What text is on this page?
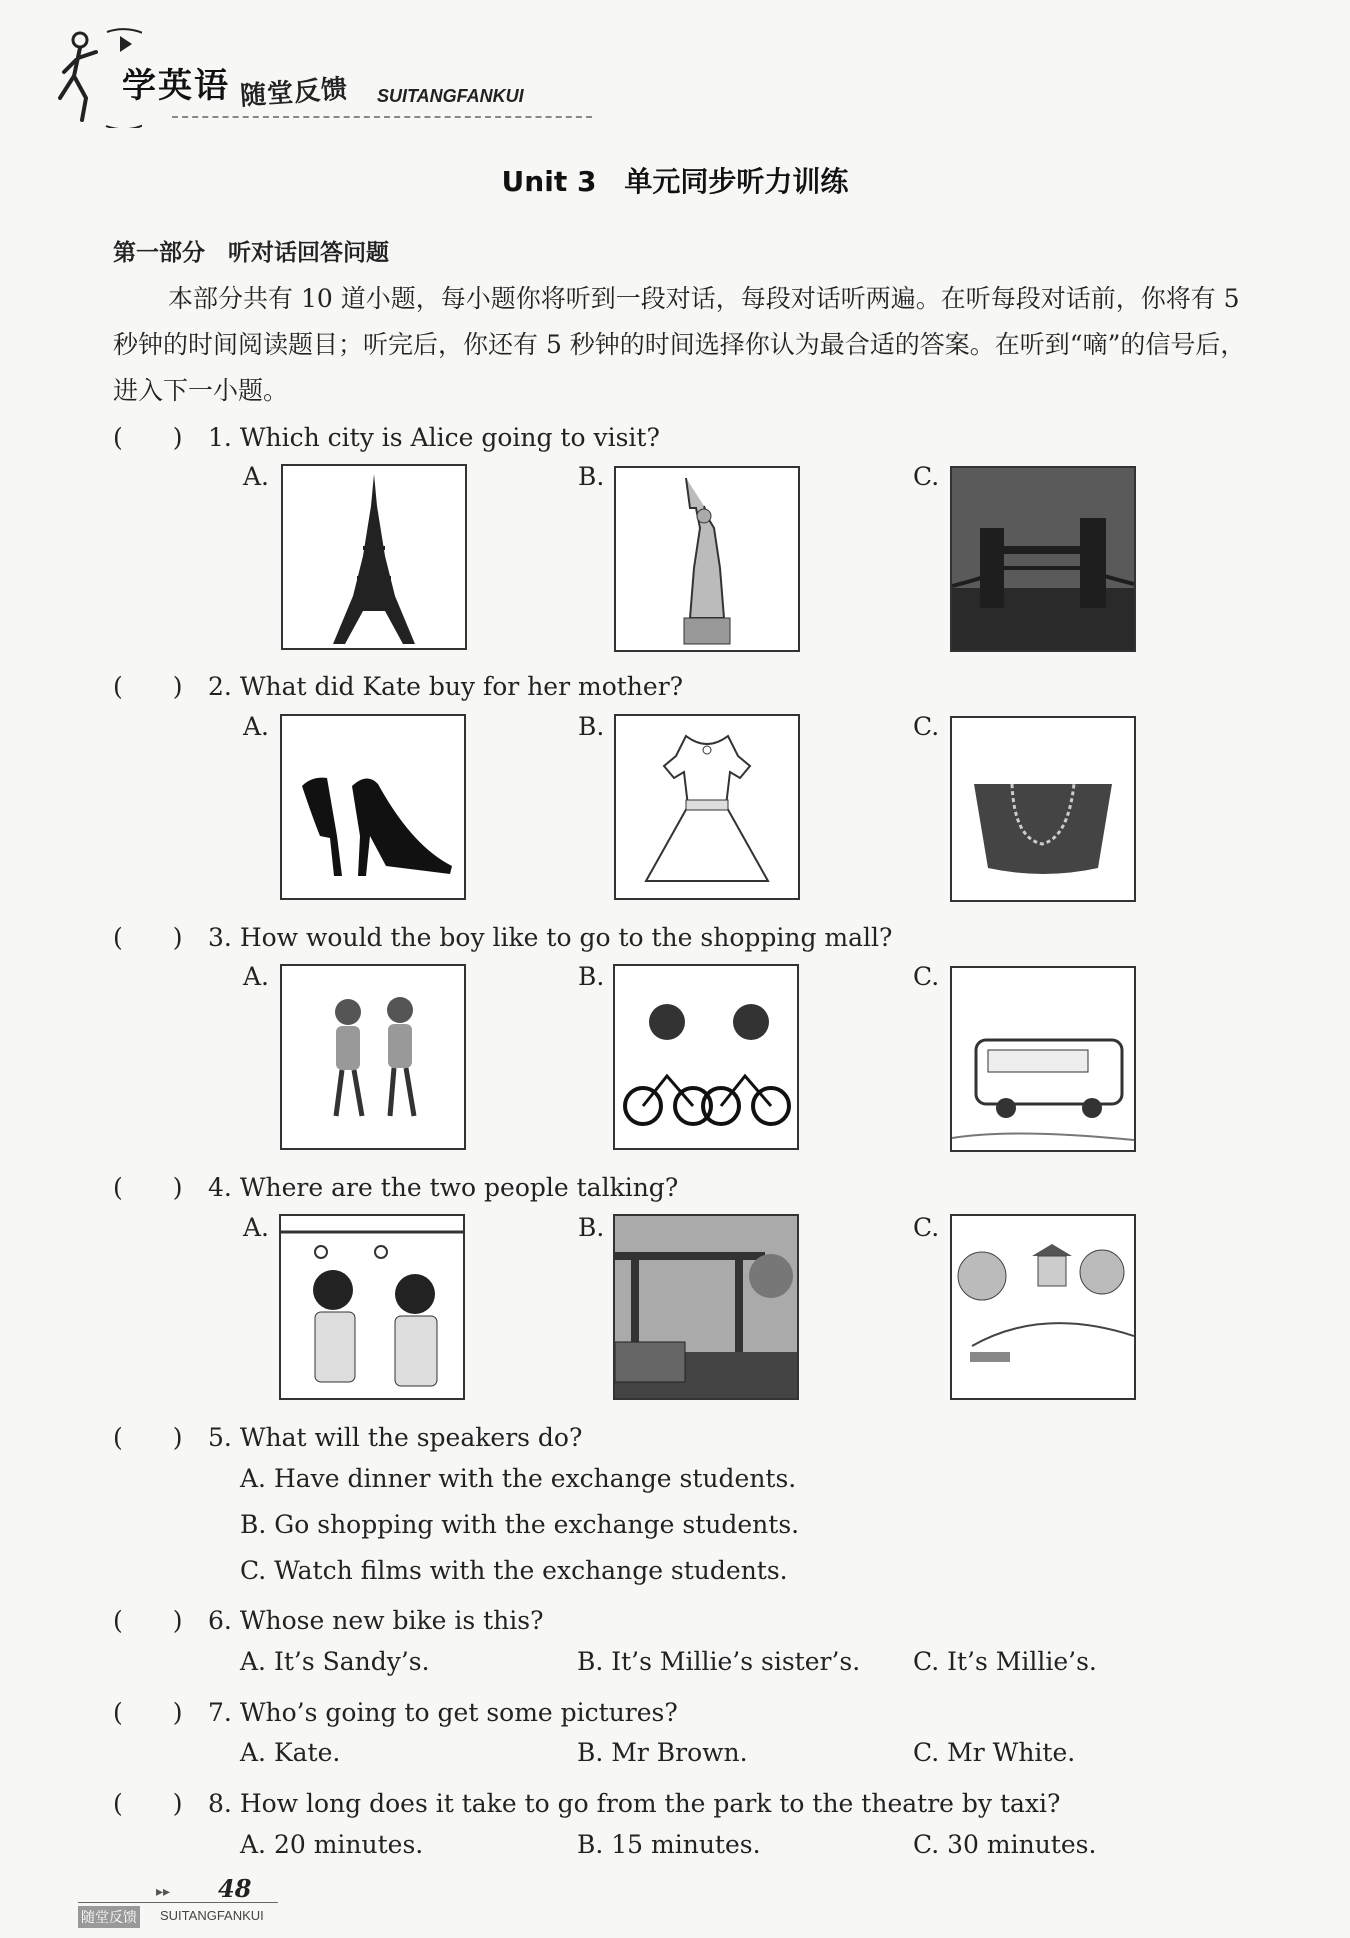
学英语 随堂反馈 SUITANGFANKUI
Unit 3　单元同步听力训练
第一部分　听对话回答问题

本部分共有 10 道小题，每小题你将听到一段对话，每段对话听两遍。在听每段对话前，你将有 5 秒钟的时间阅读题目；听完后，你还有 5 秒钟的时间选择你认为最合适的答案。在听到“嘀”的信号后，进入下一小题。

(　　) 1. Which city is Alice going to visit?
A.	B.	C.
(　　) 2. What did Kate buy for her mother?
A.	B.	C.
(　　) 3. How would the boy like to go to the shopping mall?
A.	B.	C.
(　　) 4. Where are the two people talking?
A.	B.	C.
(　　) 5. What will the speakers do?
A. Have dinner with the exchange students.
B. Go shopping with the exchange students.
C. Watch films with the exchange students.
(　　) 6. Whose new bike is this?
A. It’s Sandy’s.	B. It’s Millie’s sister’s. C. It’s Millie’s.
(　　) 7. Who’s going to get some pictures?
A. Kate.	B. Mr Brown.	C. Mr White.
(　　) 8. How long does it take to go from the park to the theatre by taxi?
A. 20 minutes.	B. 15 minutes.	C. 30 minutes.
▸▸ 48
随堂反馈 SUITANGFANKUI
